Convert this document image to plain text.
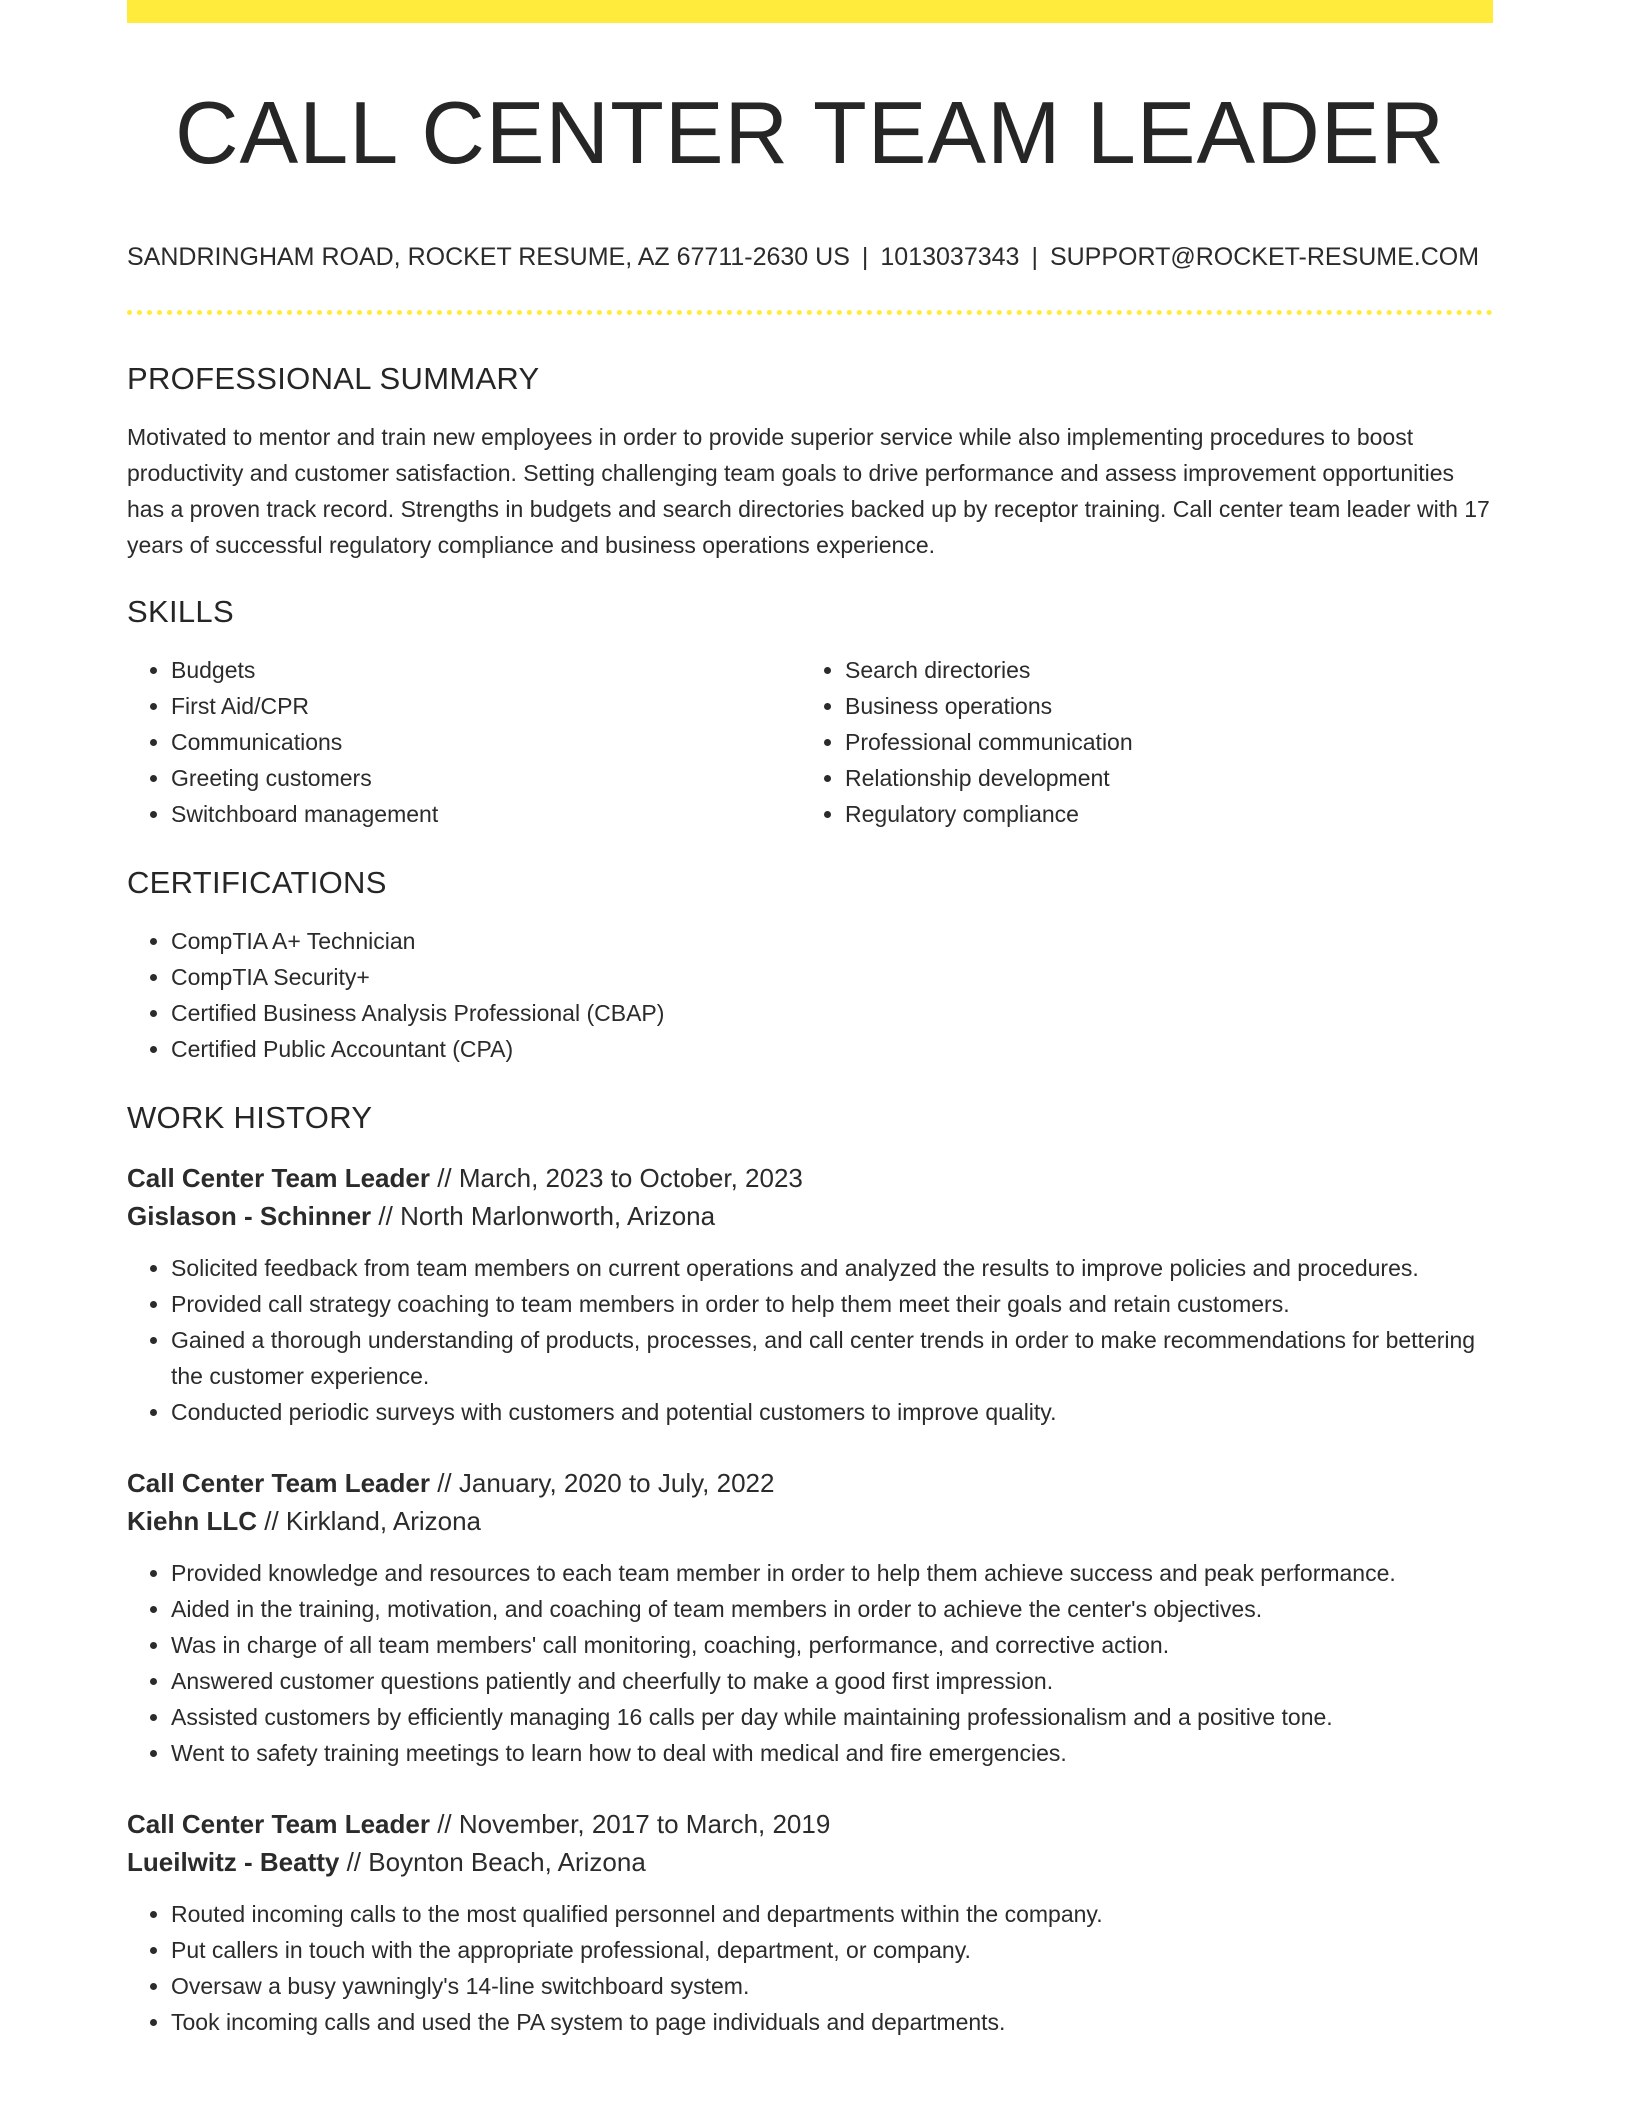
CALL CENTER TEAM LEADER
SANDRINGHAM ROAD, ROCKET RESUME, AZ 67711-2630 US | 1013037343 | SUPPORT@ROCKET-RESUME.COM
PROFESSIONAL SUMMARY
Motivated to mentor and train new employees in order to provide superior service while also implementing procedures to boost productivity and customer satisfaction. Setting challenging team goals to drive performance and assess improvement opportunities has a proven track record. Strengths in budgets and search directories backed up by receptor training. Call center team leader with 17 years of successful regulatory compliance and business operations experience.
SKILLS
• Budgets
• First Aid/CPR
• Communications
• Greeting customers
• Switchboard management
• Search directories
• Business operations
• Professional communication
• Relationship development
• Regulatory compliance
CERTIFICATIONS
• CompTIA A+ Technician
• CompTIA Security+
• Certified Business Analysis Professional (CBAP)
• Certified Public Accountant (CPA)
WORK HISTORY
Call Center Team Leader // March, 2023 to October, 2023
Gislason - Schinner // North Marlonworth, Arizona
• Solicited feedback from team members on current operations and analyzed the results to improve policies and procedures.
• Provided call strategy coaching to team members in order to help them meet their goals and retain customers.
• Gained a thorough understanding of products, processes, and call center trends in order to make recommendations for bettering the customer experience.
• Conducted periodic surveys with customers and potential customers to improve quality.
Call Center Team Leader // January, 2020 to July, 2022
Kiehn LLC // Kirkland, Arizona
• Provided knowledge and resources to each team member in order to help them achieve success and peak performance.
• Aided in the training, motivation, and coaching of team members in order to achieve the center's objectives.
• Was in charge of all team members' call monitoring, coaching, performance, and corrective action.
• Answered customer questions patiently and cheerfully to make a good first impression.
• Assisted customers by efficiently managing 16 calls per day while maintaining professionalism and a positive tone.
• Went to safety training meetings to learn how to deal with medical and fire emergencies.
Call Center Team Leader // November, 2017 to March, 2019
Lueilwitz - Beatty // Boynton Beach, Arizona
• Routed incoming calls to the most qualified personnel and departments within the company.
• Put callers in touch with the appropriate professional, department, or company.
• Oversaw a busy yawningly's 14-line switchboard system.
• Took incoming calls and used the PA system to page individuals and departments.
